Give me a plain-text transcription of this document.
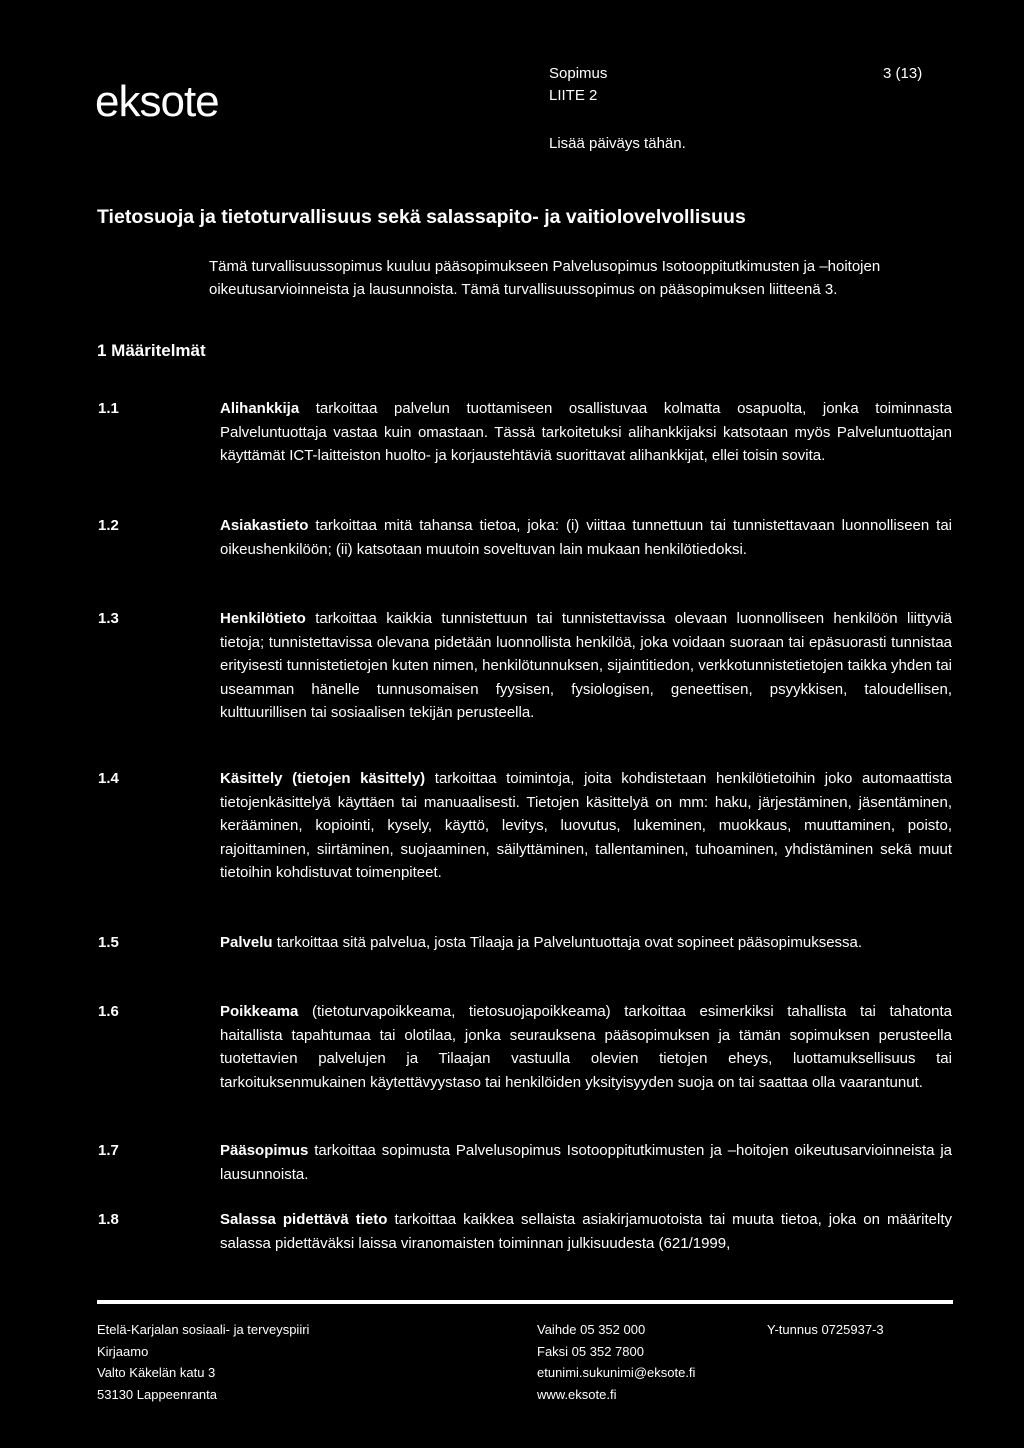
eksote
Sopimus	3 (13)
LIITE 2
Lisää päiväys tähän.
Tietosuoja ja tietoturvallisuus sekä salassapito- ja vaitiolovelvollisuus
Tämä turvallisuussopimus kuuluu pääsopimukseen Palvelusopimus Isotooppitutkimusten ja –hoitojen oikeutusarvioinneista ja lausunnoista. Tämä turvallisuussopimus on pääsopimuksen liitteenä 3.
1 Määritelmät
1.1	Alihankkija tarkoittaa palvelun tuottamiseen osallistuvaa kolmatta osapuolta, jonka toiminnasta Palveluntuottaja vastaa kuin omastaan. Tässä tarkoitetuksi alihankkijaksi katsotaan myös Palveluntuottajan käyttämät ICT-laitteiston huolto- ja korjaustehtäviä suorittavat alihankkijat, ellei toisin sovita.
1.2	Asiakastieto tarkoittaa mitä tahansa tietoa, joka: (i) viittaa tunnettuun tai tunnistettavaan luonnolliseen tai oikeushenkilöön; (ii) katsotaan muutoin soveltuvan lain mukaan henkilötiedoksi.
1.3	Henkilötieto tarkoittaa kaikkia tunnistettuun tai tunnistettavissa olevaan luonnolliseen henkilöön liittyviä tietoja; tunnistettavissa olevana pidetään luonnollista henkilöä, joka voidaan suoraan tai epäsuorasti tunnistaa erityisesti tunnistetietojen kuten nimen, henkilötunnuksen, sijaintitiedon, verkkotunnistetietojen taikka yhden tai useamman hänelle tunnusomaisen fyysisen, fysiologisen, geneettisen, psyykkisen, taloudellisen, kulttuurillisen tai sosiaalisen tekijän perusteella.
1.4	Käsittely (tietojen käsittely) tarkoittaa toimintoja, joita kohdistetaan henkilötietoihin joko automaattista tietojenkäsittelyä käyttäen tai manuaalisesti. Tietojen käsittelyä on mm: haku, järjestäminen, jäsentäminen, kerääminen, kopiointi, kysely, käyttö, levitys, luovutus, lukeminen, muokkaus, muuttaminen, poisto, rajoittaminen, siirtäminen, suojaaminen, säilyttäminen, tallentaminen, tuhoaminen, yhdistäminen sekä muut tietoihin kohdistuvat toimenpiteet.
1.5	Palvelu tarkoittaa sitä palvelua, josta Tilaaja ja Palveluntuottaja ovat sopineet pääsopimuksessa.
1.6	Poikkeama (tietoturvapoikkeama, tietosuojapoikkeama) tarkoittaa esimerkiksi tahallista tai tahatonta haitallista tapahtumaa tai olotilaa, jonka seurauksena pääsopimuksen ja tämän sopimuksen perusteella tuotettavien palvelujen ja Tilaajan vastuulla olevien tietojen eheys, luottamuksellisuus tai tarkoituksenmukainen käytettävyystaso tai henkilöiden yksityisyyden suoja on tai saattaa olla vaarantunut.
1.7	Pääsopimus tarkoittaa sopimusta Palvelusopimus Isotooppitutkimusten ja –hoitojen oikeutusarvioinneista ja lausunnoista.
1.8	Salassa pidettävä tieto tarkoittaa kaikkea sellaista asiakirjamuotoista tai muuta tietoa, joka on määritelty salassa pidettäväksi laissa viranomaisten toiminnan julkisuudesta (621/1999,
Etelä-Karjalan sosiaali- ja terveyspiiri
Kirjaamo
Valto Käkelän katu 3
53130 Lappeenranta
Vaihde 05 352 000
Faksi 05 352 7800
etunimi.sukunimi@eksote.fi
www.eksote.fi
Y-tunnus 0725937-3
